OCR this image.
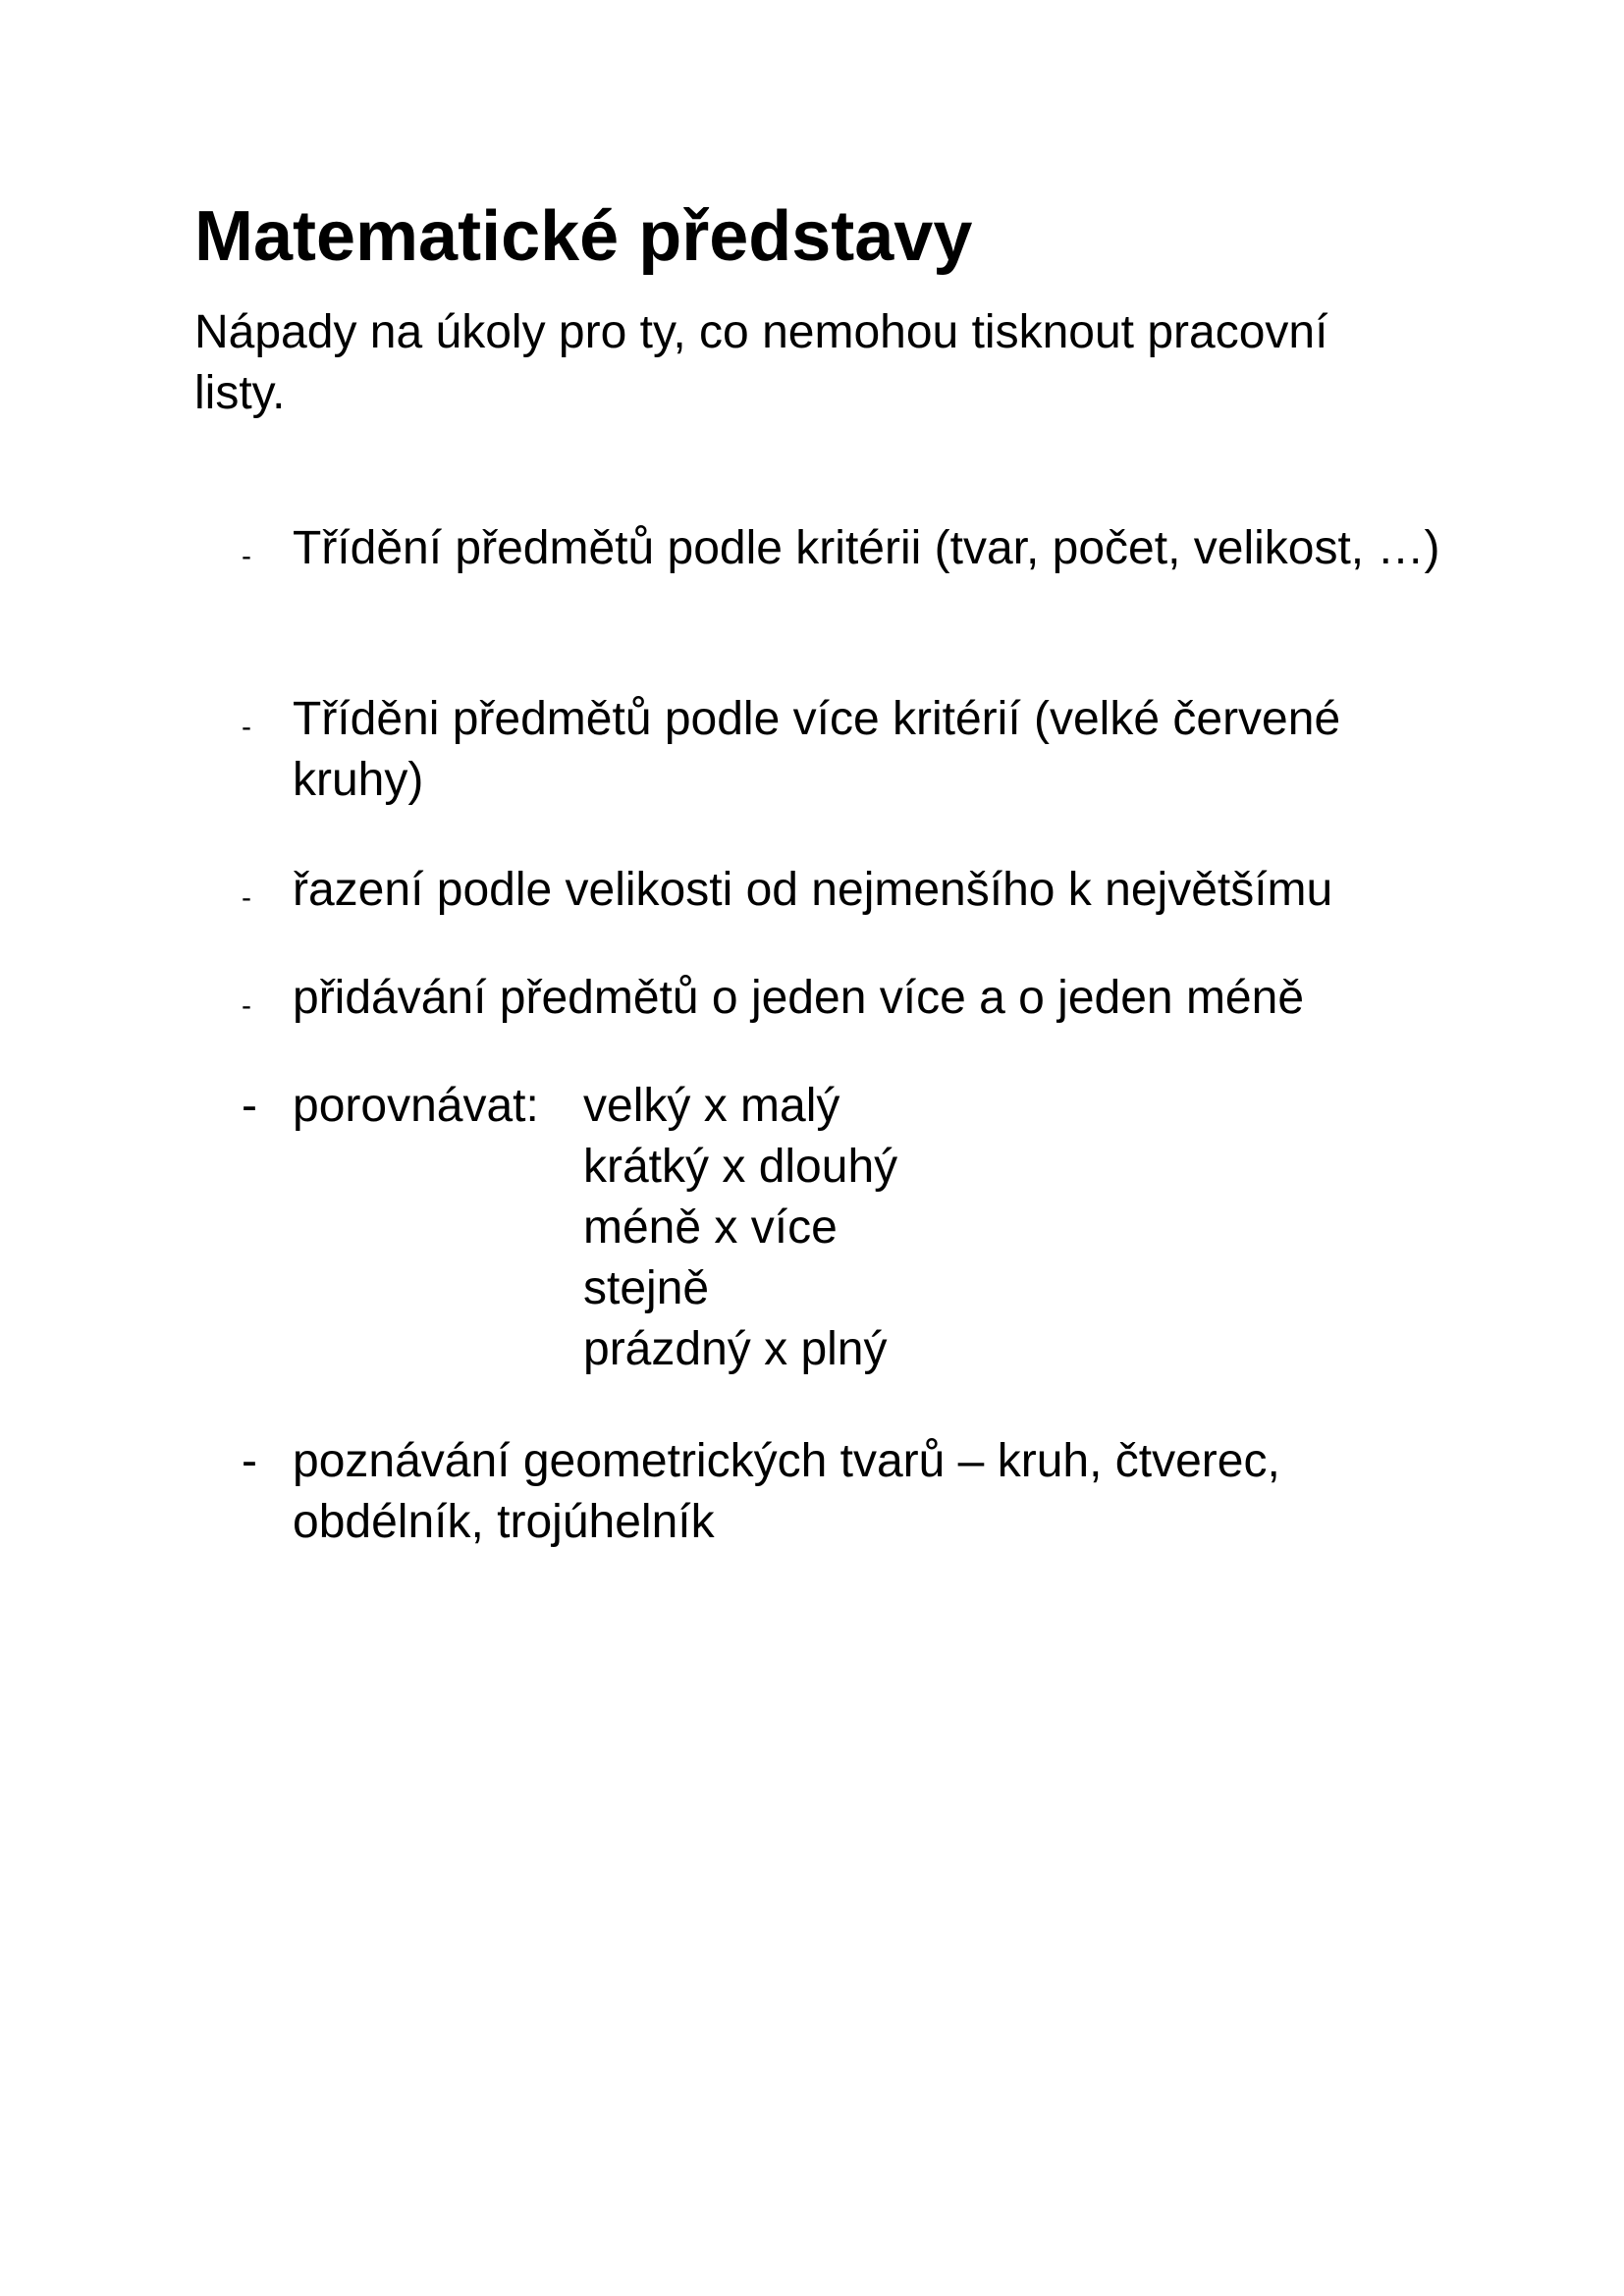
Matematické představy

Nápady na úkoly pro ty, co nemohou tisknout pracovní listy.

- Třídění předmětů podle kritérii (tvar, počet, velikost, …)
- Tříděni předmětů podle více kritérií (velké červené kruhy)
- řazení podle velikosti od nejmenšího k největšímu
- přidávání předmětů o jeden více a o jeden méně
- porovnávat: velký x malý
krátký x dlouhý
méně x více
stejně
prázdný x plný
- poznávání geometrických tvarů – kruh, čtverec, obdélník, trojúhelník
